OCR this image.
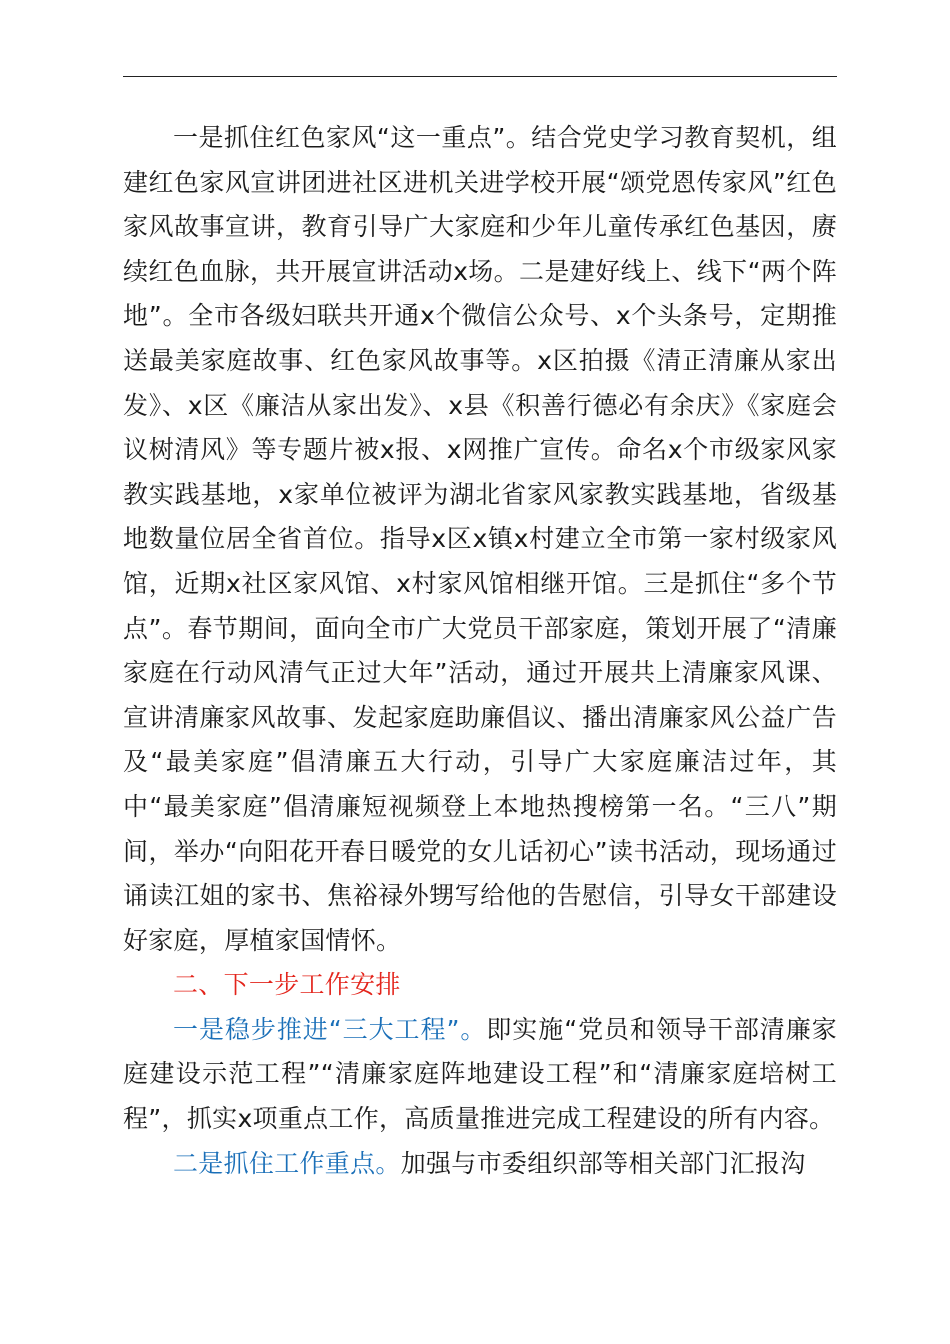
一是抓住红色家风“这一重点”。结合党史学习教育契机，组建红色家风宣讲团进社区进机关进学校开展“颂党恩传家风”红色家风故事宣讲，教育引导广大家庭和少年儿童传承红色基因，赓续红色血脉，共开展宣讲活动x场。二是建好线上、线下“两个阵地”。全市各级妇联共开通x个微信公众号、x个头条号，定期推送最美家庭故事、红色家风故事等。x区拍摄《清正清廉从家出发》、x区《廉洁从家出发》、x县《积善行德必有余庆》《家庭会议树清风》等专题片被x报、x网推广宣传。命名x个市级家风家教实践基地，x家单位被评为湖北省家风家教实践基地，省级基地数量位居全省首位。指导x区x镇x村建立全市第一家村级家风馆，近期x社区家风馆、x村家风馆相继开馆。三是抓住“多个节点”。春节期间，面向全市广大党员干部家庭，策划开展了“清廉家庭在行动风清气正过大年”活动，通过开展共上清廉家风课、宣讲清廉家风故事、发起家庭助廉倡议、播出清廉家风公益广告及“最美家庭”倡清廉五大行动，引导广大家庭廉洁过年，其中“最美家庭”倡清廉短视频登上本地热搜榜第一名。“三八”期间，举办“向阳花开春日暖党的女儿话初心”读书活动，现场通过诵读江姐的家书、焦裕禄外甥写给他的告慰信，引导女干部建设好家庭，厚植家国情怀。

二、下一步工作安排

一是稳步推进“三大工程”。即实施“党员和领导干部清廉家庭建设示范工程”“清廉家庭阵地建设工程”和“清廉家庭培树工程”，抓实x项重点工作，高质量推进完成工程建设的所有内容。

二是抓住工作重点。加强与市委组织部等相关部门汇报沟
